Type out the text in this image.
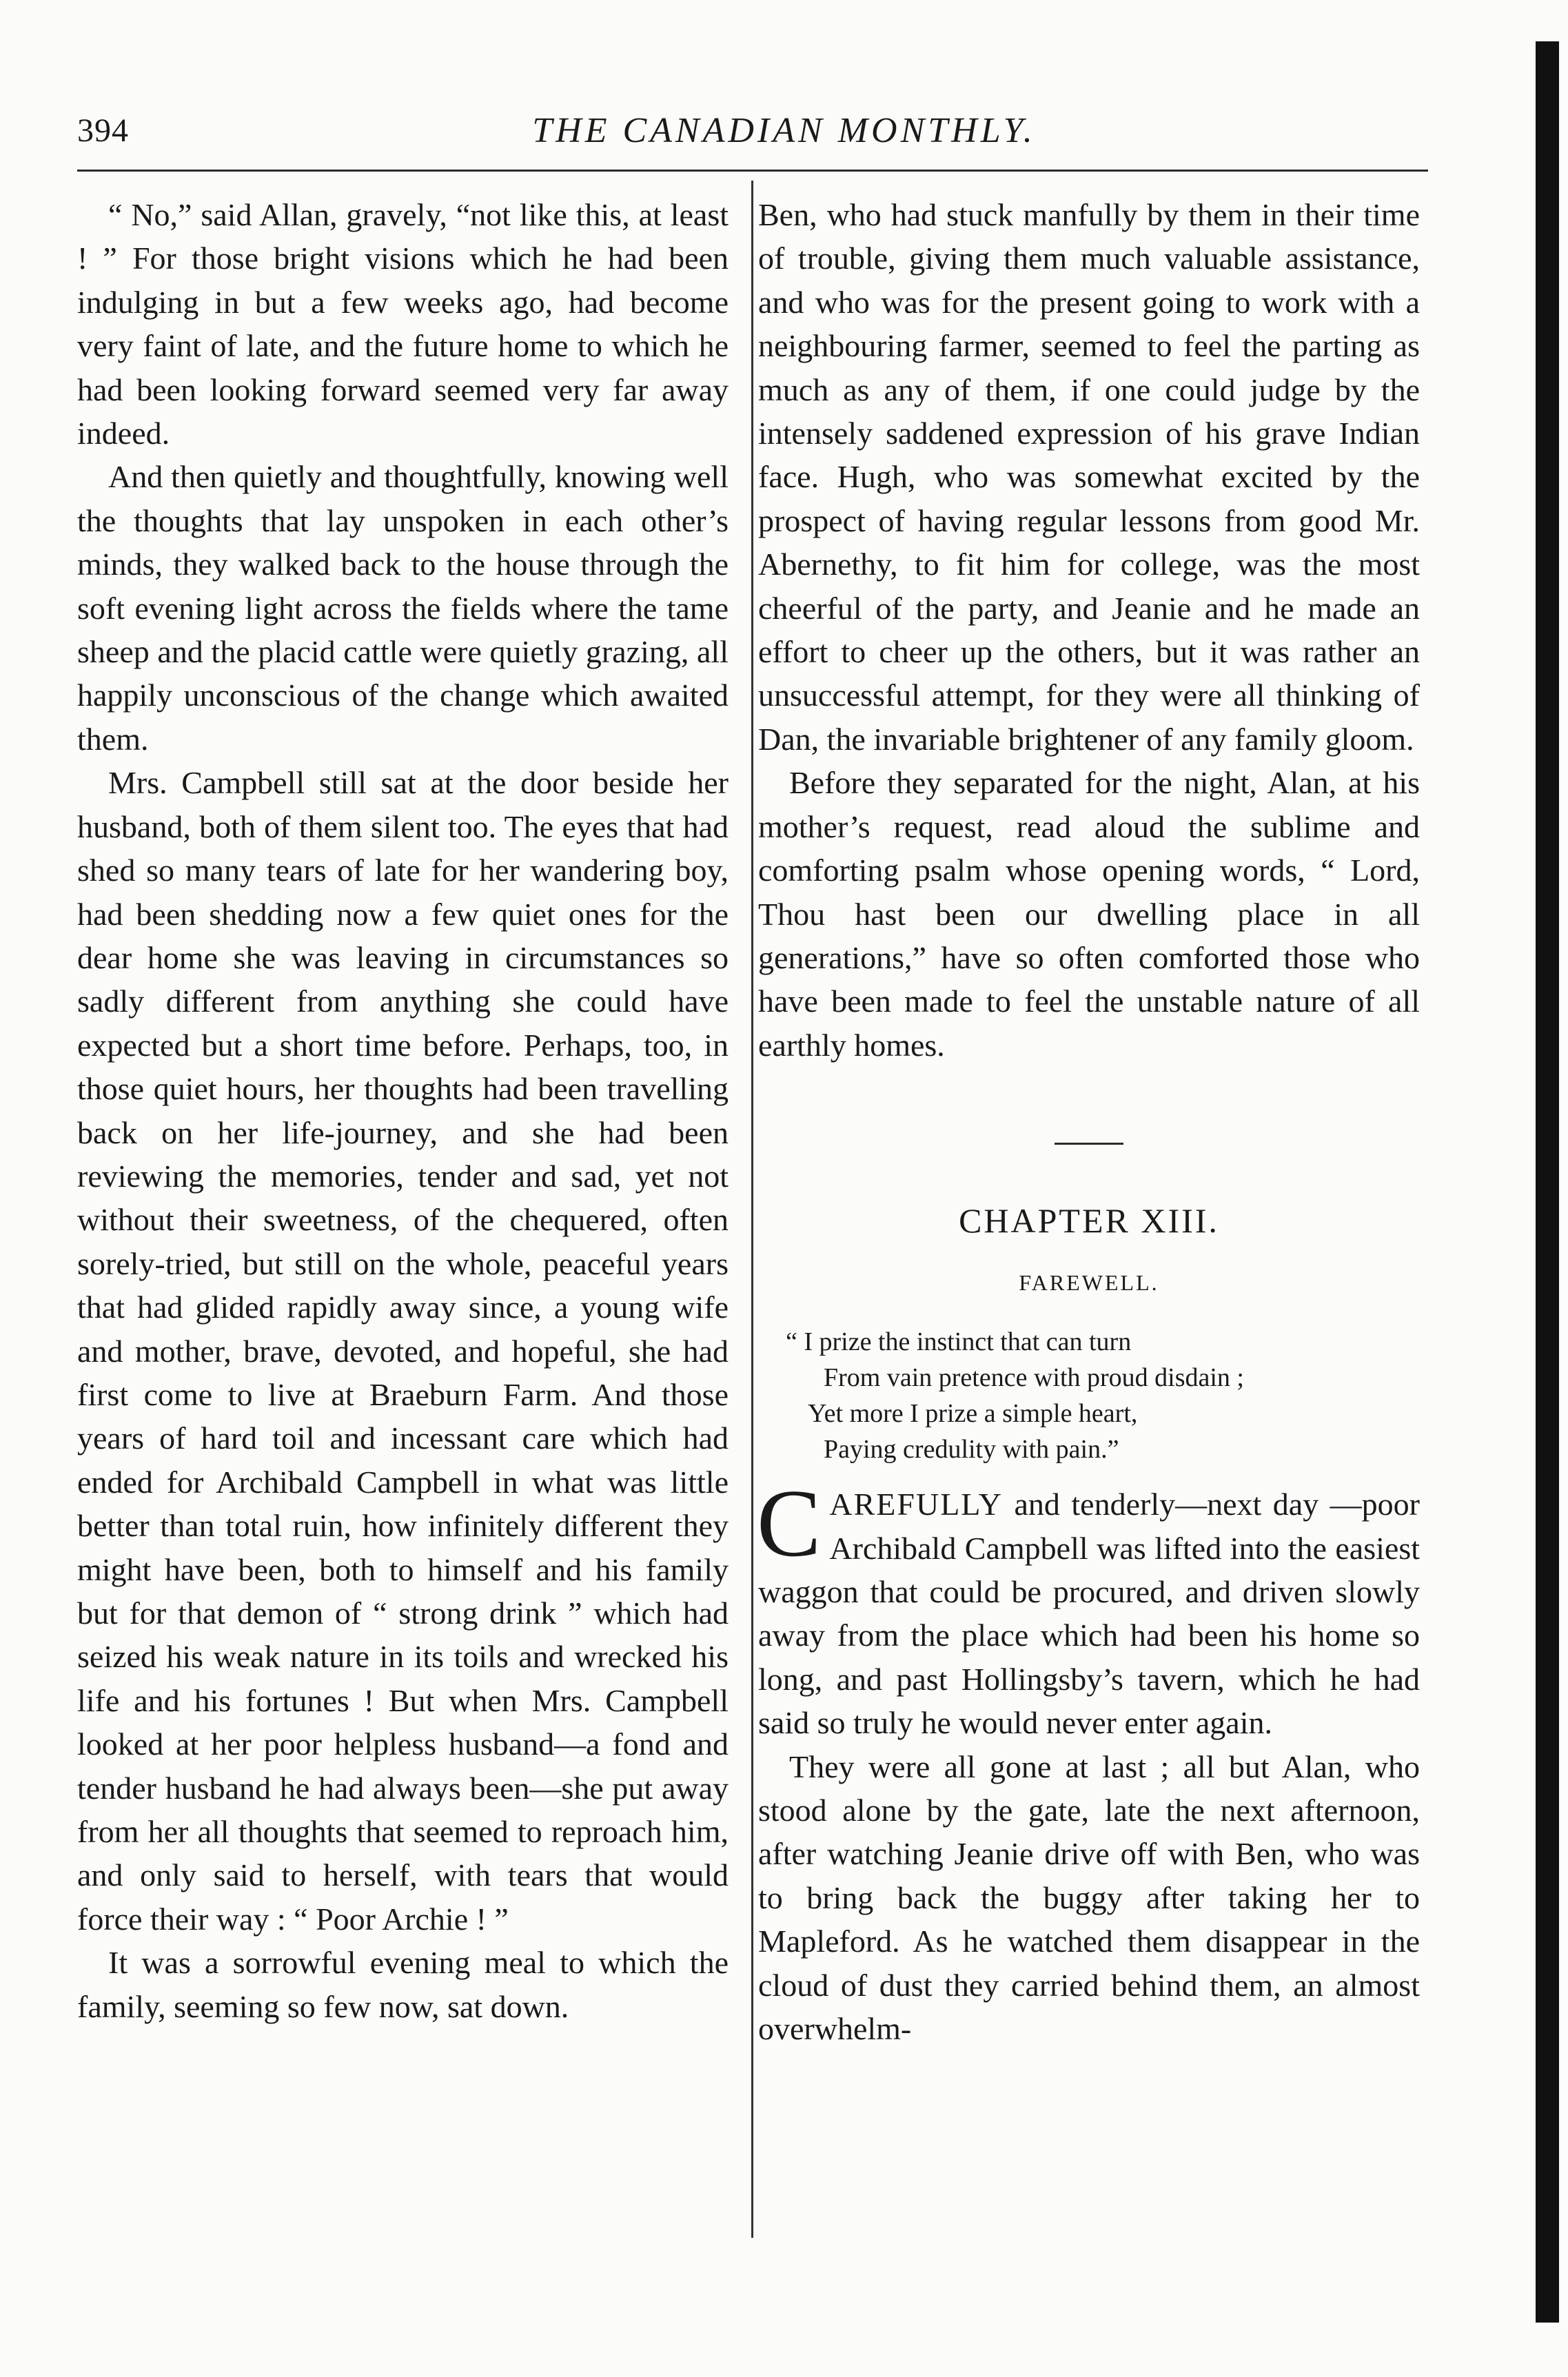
394	THE CANADIAN MONTHLY.

“ No,” said Allan, gravely, “not like this, at least ! ” For those bright visions which he had been indulging in but a few weeks ago, had become very faint of late, and the future home to which he had been looking forward seemed very far away indeed.

And then quietly and thoughtfully, knowing well the thoughts that lay unspoken in each other’s minds, they walked back to the house through the soft evening light across the fields where the tame sheep and the placid cattle were quietly grazing, all happily unconscious of the change which awaited them.

Mrs. Campbell still sat at the door beside her husband, both of them silent too. The eyes that had shed so many tears of late for her wandering boy, had been shedding now a few quiet ones for the dear home she was leaving in circumstances so sadly different from anything she could have expected but a short time before. Perhaps, too, in those quiet hours, her thoughts had been travelling back on her life-journey, and she had been reviewing the memories, tender and sad, yet not without their sweetness, of the chequered, often sorely-tried, but still on the whole, peaceful years that had glided rapidly away since, a young wife and mother, brave, devoted, and hopeful, she had first come to live at Braeburn Farm. And those years of hard toil and incessant care which had ended for Archibald Campbell in what was little better than total ruin, how infinitely different they might have been, both to himself and his family but for that demon of “ strong drink ” which had seized his weak nature in its toils and wrecked his life and his fortunes ! But when Mrs. Campbell looked at her poor helpless husband—a fond and tender husband he had always been—she put away from her all thoughts that seemed to reproach him, and only said to herself, with tears that would force their way : “ Poor Archie ! ”

It was a sorrowful evening meal to which the family, seeming so few now, sat down.

Ben, who had stuck manfully by them in their time of trouble, giving them much valuable assistance, and who was for the present going to work with a neighbouring farmer, seemed to feel the parting as much as any of them, if one could judge by the intensely saddened expression of his grave Indian face. Hugh, who was somewhat excited by the prospect of having regular lessons from good Mr. Abernethy, to fit him for college, was the most cheerful of the party, and Jeanie and he made an effort to cheer up the others, but it was rather an unsuccessful attempt, for they were all thinking of Dan, the invariable brightener of any family gloom.

Before they separated for the night, Alan, at his mother’s request, read aloud the sublime and comforting psalm whose opening words, “ Lord, Thou hast been our dwelling place in all generations,” have so often comforted those who have been made to feel the unstable nature of all earthly homes.

CHAPTER XIII.
FAREWELL.
“ I prize the instinct that can turn
From vain pretence with proud disdain ;
Yet more I prize a simple heart,
Paying credulity with pain.”

CAREFULLY and tenderly—next day —poor Archibald Campbell was lifted into the easiest waggon that could be procured, and driven slowly away from the place which had been his home so long, and past Hollingsby’s tavern, which he had said so truly he would never enter again.

They were all gone at last ; all but Alan, who stood alone by the gate, late the next afternoon, after watching Jeanie drive off with Ben, who was to bring back the buggy after taking her to Mapleford. As he watched them disappear in the cloud of dust they carried behind them, an almost overwhelm-
